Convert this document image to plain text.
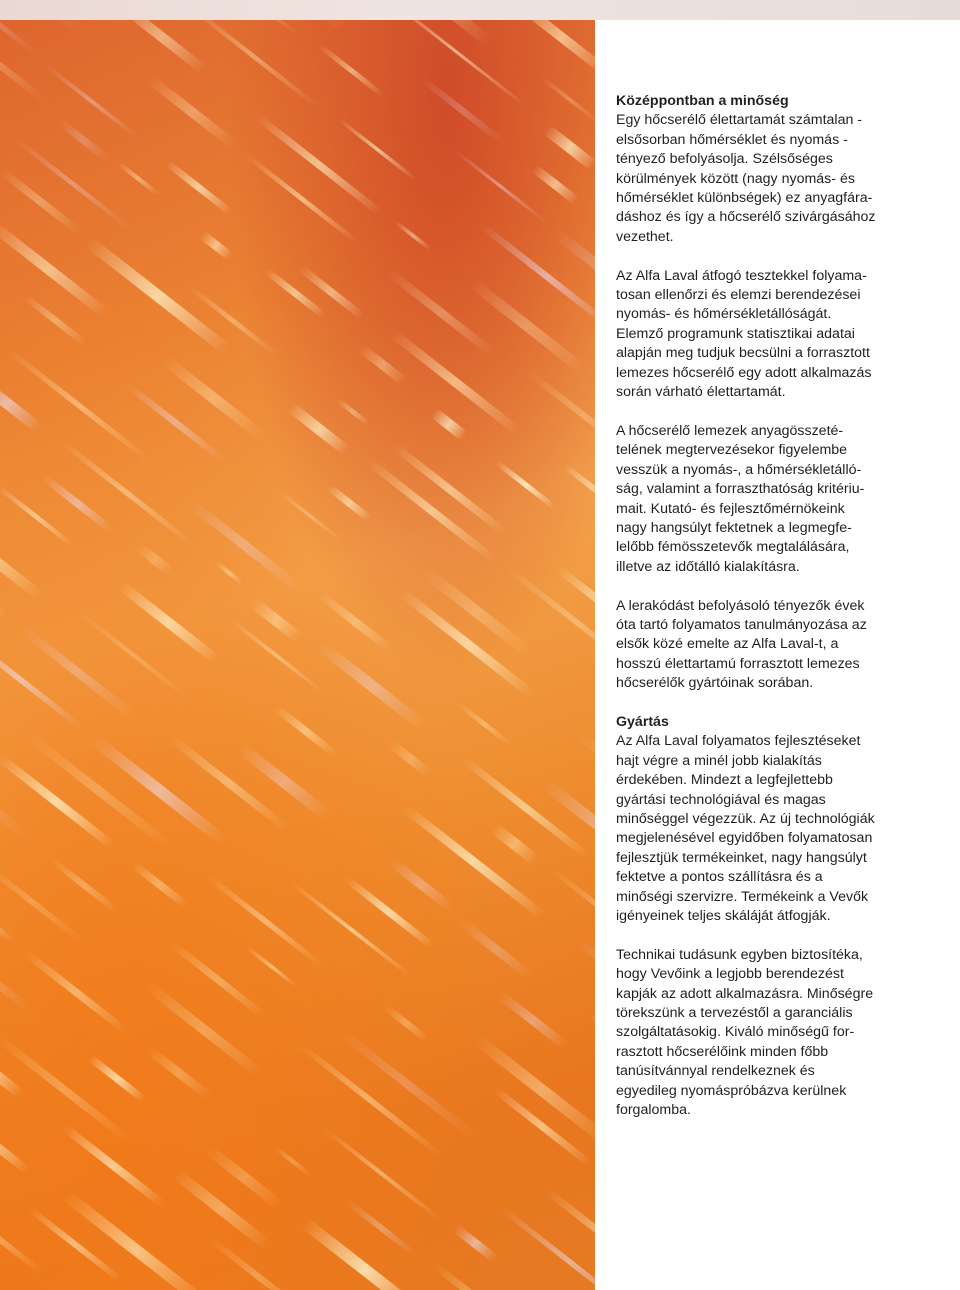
Középpontban a minőség

Egy hőcserélő élettartamát számtalan - elsősorban hőmérséklet és nyomás - tényező befolyásolja. Szélsőséges körülmények között (nagy nyomás- és hőmérséklet különbségek) ez anyagfáradáshoz és így a hőcserélő szivárgásához vezethet.

Az Alfa Laval átfogó tesztekkel folyamatosan ellenőrzi és elemzi berendezései nyomás- és hőmérsékletállóságát. Elemző programunk statisztikai adatai alapján meg tudjuk becsülni a forrasztott lemezes hőcserélő egy adott alkalmazás során várható élettartamát.

A hőcserélő lemezek anyagösszetételének megtervezésekor figyelembe vesszük a nyomás-, a hőmérsékletállóság, valamint a forraszthatóság kritériumait. Kutató- és fejlesztőmérnökeink nagy hangsúlyt fektetnek a legmegfelelőbb fémösszetevők megtalálására, illetve az időtálló kialakításra.

A lerakódást befolyásoló tényezők évek óta tartó folyamatos tanulmányozása az elsők közé emelte az Alfa Laval-t, a hosszú élettartamú forrasztott lemezes hőcserélők gyártóinak sorában.

Gyártás

Az Alfa Laval folyamatos fejlesztéseket hajt végre a minél jobb kialakítás érdekében. Mindezt a legfejlettebb gyártási technológiával és magas minőséggel végezzük. Az új technológiák megjelenésével egyidőben folyamatosan fejlesztjük termékeinket, nagy hangsúlyt fektetve a pontos szállításra és a minőségi szervizre. Termékeink a Vevők igényeinek teljes skáláját átfogják.

Technikai tudásunk egyben biztosítéka, hogy Vevőink a legjobb berendezést kapják az adott alkalmazásra. Minőségre törekszünk a tervezéstől a garanciális szolgáltatásokig. Kiváló minőségű forrasztott hőcserélőink minden főbb tanúsítvánnyal rendelkeznek és egyedileg nyomáspróbázva kerülnek forgalomba.
